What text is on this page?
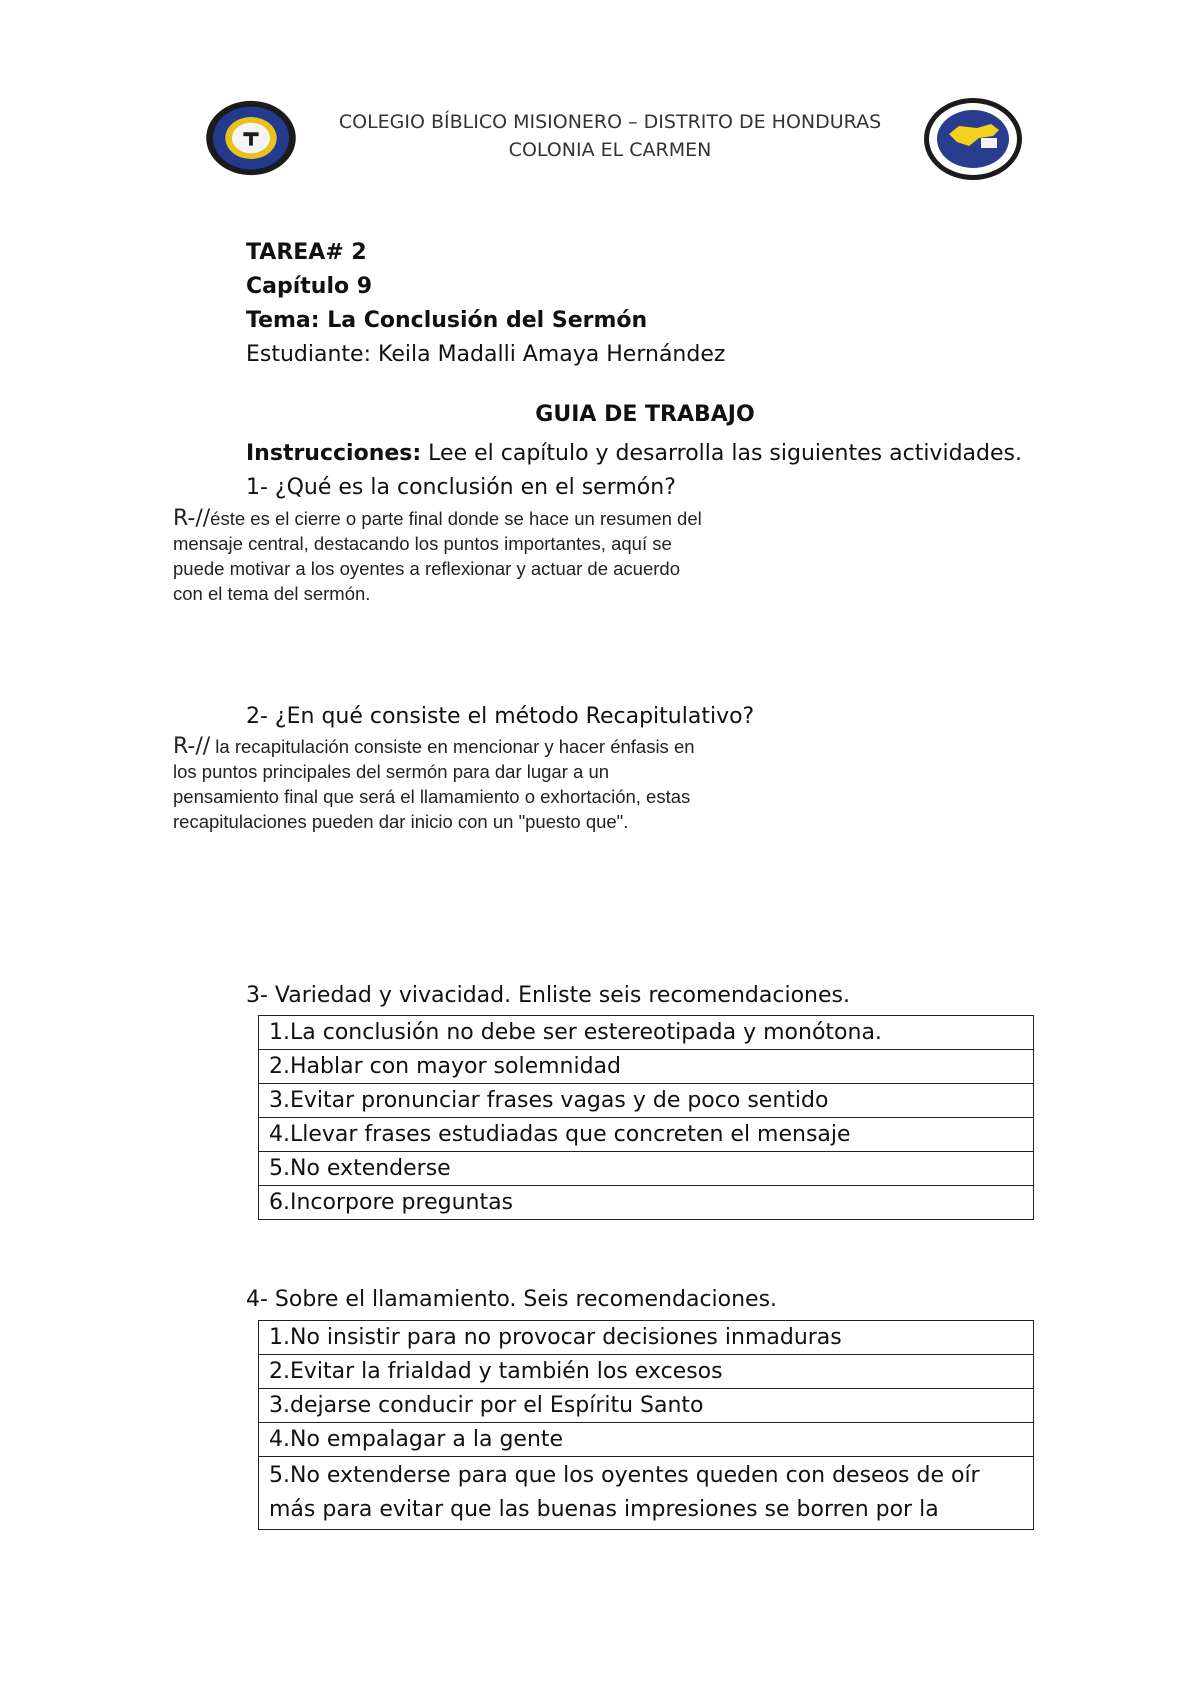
COLEGIO BÍBLICO MISIONERO – DISTRITO DE HONDURAS
COLONIA EL CARMEN
TAREA# 2
Capítulo 9
Tema: La Conclusión del Sermón
Estudiante: Keila Madalli Amaya Hernández
GUIA DE TRABAJO
Instrucciones: Lee el capítulo y desarrolla las siguientes actividades.
1- ¿Qué es la conclusión en el sermón?
R-//éste es el cierre o parte final donde se hace un resumen del
mensaje central, destacando los puntos importantes, aquí se
puede motivar a los oyentes a reflexionar y actuar de acuerdo
con el tema del sermón.
2- ¿En qué consiste el método Recapitulativo?
R-// la recapitulación consiste en mencionar y hacer énfasis en
los puntos principales del sermón para dar lugar a un
pensamiento final que será el llamamiento o exhortación, estas
recapitulaciones pueden dar inicio con un "puesto que".
3- Variedad y vivacidad. Enliste seis recomendaciones.
1.La conclusión no debe ser estereotipada y monótona.
2.Hablar con mayor solemnidad
3.Evitar pronunciar frases vagas y de poco sentido
4.Llevar frases estudiadas que concreten el mensaje
5.No extenderse
6.Incorpore preguntas
4- Sobre el llamamiento. Seis recomendaciones.
1.No insistir para no provocar decisiones inmaduras
2.Evitar la frialdad y también los excesos
3.dejarse conducir por el Espíritu Santo
4.No empalagar a la gente

5.No extenderse para que los oyentes queden con deseos de oír
más para evitar que las buenas impresiones se borren por la
